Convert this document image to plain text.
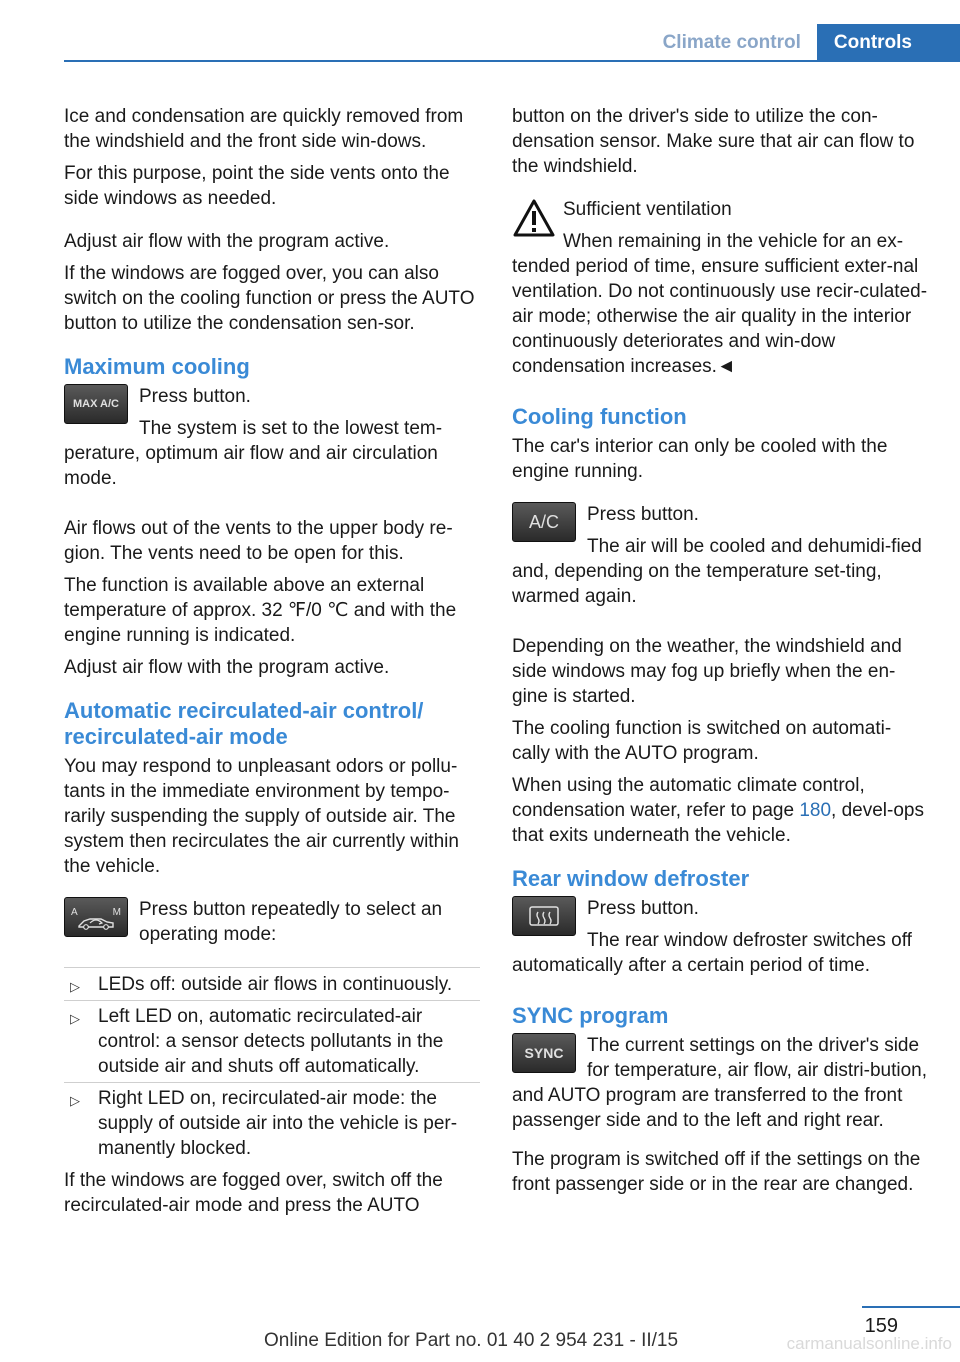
Climate control	Controls

Ice and condensation are quickly removed from the windshield and the front side win‐dows.

For this purpose, point the side vents onto the side windows as needed.

Adjust air flow with the program active.

If the windows are fogged over, you can also switch on the cooling function or press the AUTO button to utilize the condensation sen‐sor.

Maximum cooling
MAX A/C	Press button.

The system is set to the lowest tem‐perature, optimum air flow and air circulation mode.

Air flows out of the vents to the upper body re‐gion. The vents need to be open for this.

The function is available above an external temperature of approx. 32 ℉/0 ℃ and with the engine running is indicated.

Adjust air flow with the program active.

Automatic recirculated-air control/ recirculated-air mode

You may respond to unpleasant odors or pollu‐tants in the immediate environment by tempo‐rarily suspending the supply of outside air. The system then recirculates the air currently within the vehicle.

A	M Press button repeatedly to select an operating mode:

▷ LEDs off: outside air flows in continuously.
▷ Left LED on, automatic recirculated-air control: a sensor detects pollutants in the outside air and shuts off automatically.
▷ Right LED on, recirculated-air mode: the supply of outside air into the vehicle is per‐manently blocked.

If the windows are fogged over, switch off the recirculated-air mode and press the AUTO

button on the driver's side to utilize the con‐densation sensor. Make sure that air can flow to the windshield.

Sufficient ventilation

When remaining in the vehicle for an ex‐tended period of time, ensure sufficient exter‐nal ventilation. Do not continuously use recir‐culated-air mode; otherwise the air quality in the interior continuously deteriorates and win‐dow condensation increases.◄

Cooling function

The car's interior can only be cooled with the engine running.

A/C	Press button.

The air will be cooled and dehumidi‐fied and, depending on the temperature set‐ting, warmed again.

Depending on the weather, the windshield and side windows may fog up briefly when the en‐gine is started.

The cooling function is switched on automati‐cally with the AUTO program.

When using the automatic climate control, condensation water, refer to page 180, devel‐ops that exits underneath the vehicle.

Rear window defroster

Press button.

The rear window defroster switches off automatically after a certain period of time.

SYNC program
SYNC	The current settings on the driver's side for temperature, air flow, air distri‐bution, and AUTO program are transferred to the front passenger side and to the left and right rear.

The program is switched off if the settings on the front passenger side or in the rear are changed.

159
Online Edition for Part no. 01 40 2 954 231 - II/15	carmanualsonline.info
